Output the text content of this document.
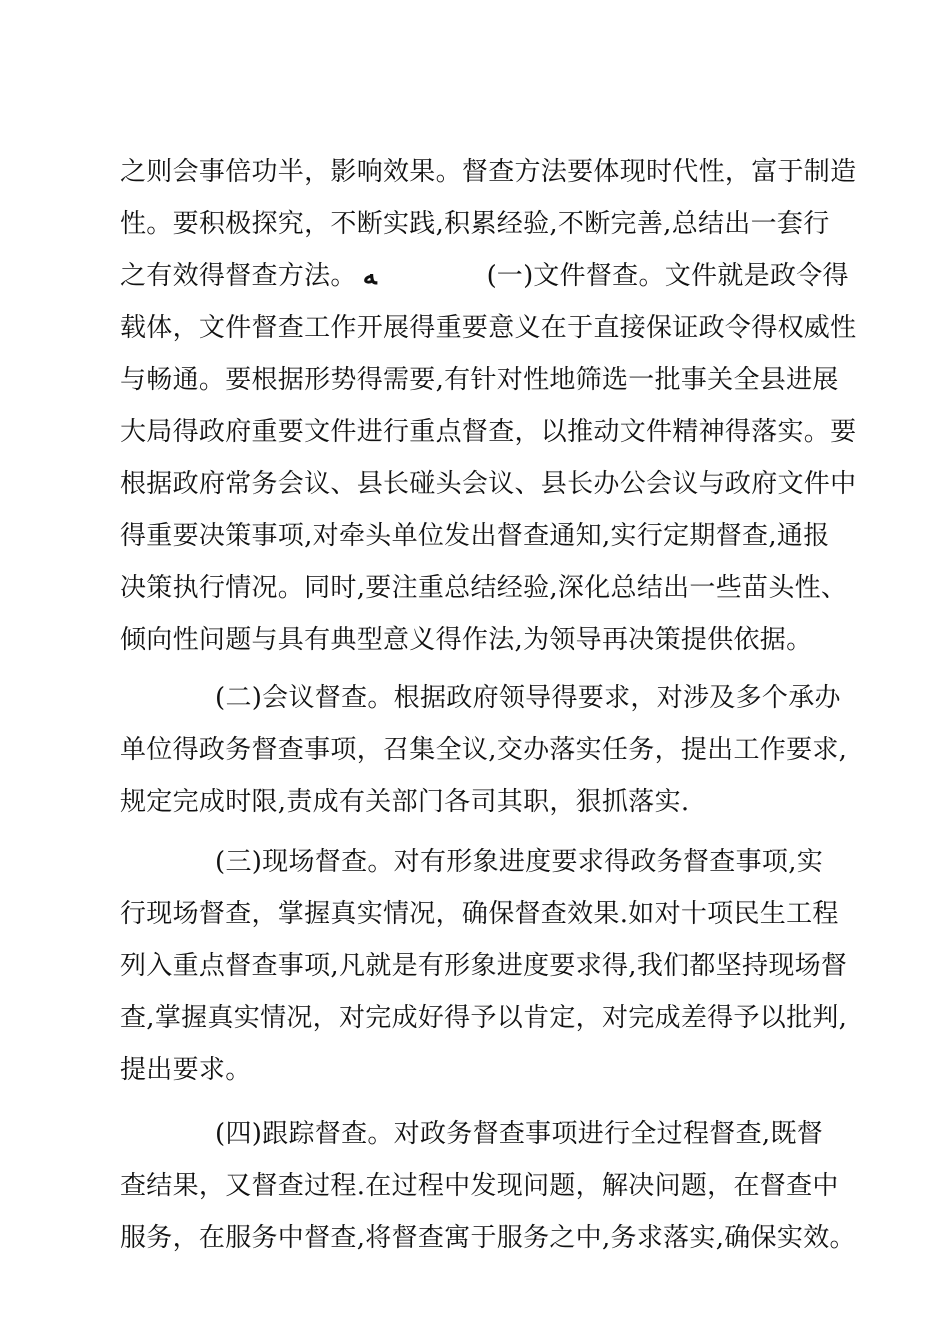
之则会事倍功半，影响效果。督查方法要体现时代性，富于制造
性。要积极探究，不断实践,积累经验,不断完善,总结出一套行
之有效得督查方法。 ﻪ	(一)文件督查。文件就是政令得
载体，文件督查工作开展得重要意义在于直接保证政令得权威性
与畅通。要根据形势得需要,有针对性地筛选一批事关全县进展
大局得政府重要文件进行重点督查，以推动文件精神得落实。要
根据政府常务会议、县长碰头会议、县长办公会议与政府文件中
得重要决策事项,对牵头单位发出督查通知,实行定期督查,通报
决策执行情况。同时,要注重总结经验,深化总结出一些苗头性、
倾向性问题与具有典型意义得作法,为领导再决策提供依据。
(二)会议督查。根据政府领导得要求，对涉及多个承办
单位得政务督查事项，召集全议,交办落实任务，提出工作要求,
规定完成时限,责成有关部门各司其职，狠抓落实.
(三)现场督查。对有形象进度要求得政务督查事项,实
行现场督查，掌握真实情况，确保督查效果.如对十项民生工程
列入重点督查事项,凡就是有形象进度要求得,我们都坚持现场督
查,掌握真实情况，对完成好得予以肯定，对完成差得予以批判,
提出要求。
(四)跟踪督查。对政务督查事项进行全过程督查,既督
查结果，又督查过程.在过程中发现问题，解决问题，在督查中
服务，在服务中督查,将督查寓于服务之中,务求落实,确保实效。
